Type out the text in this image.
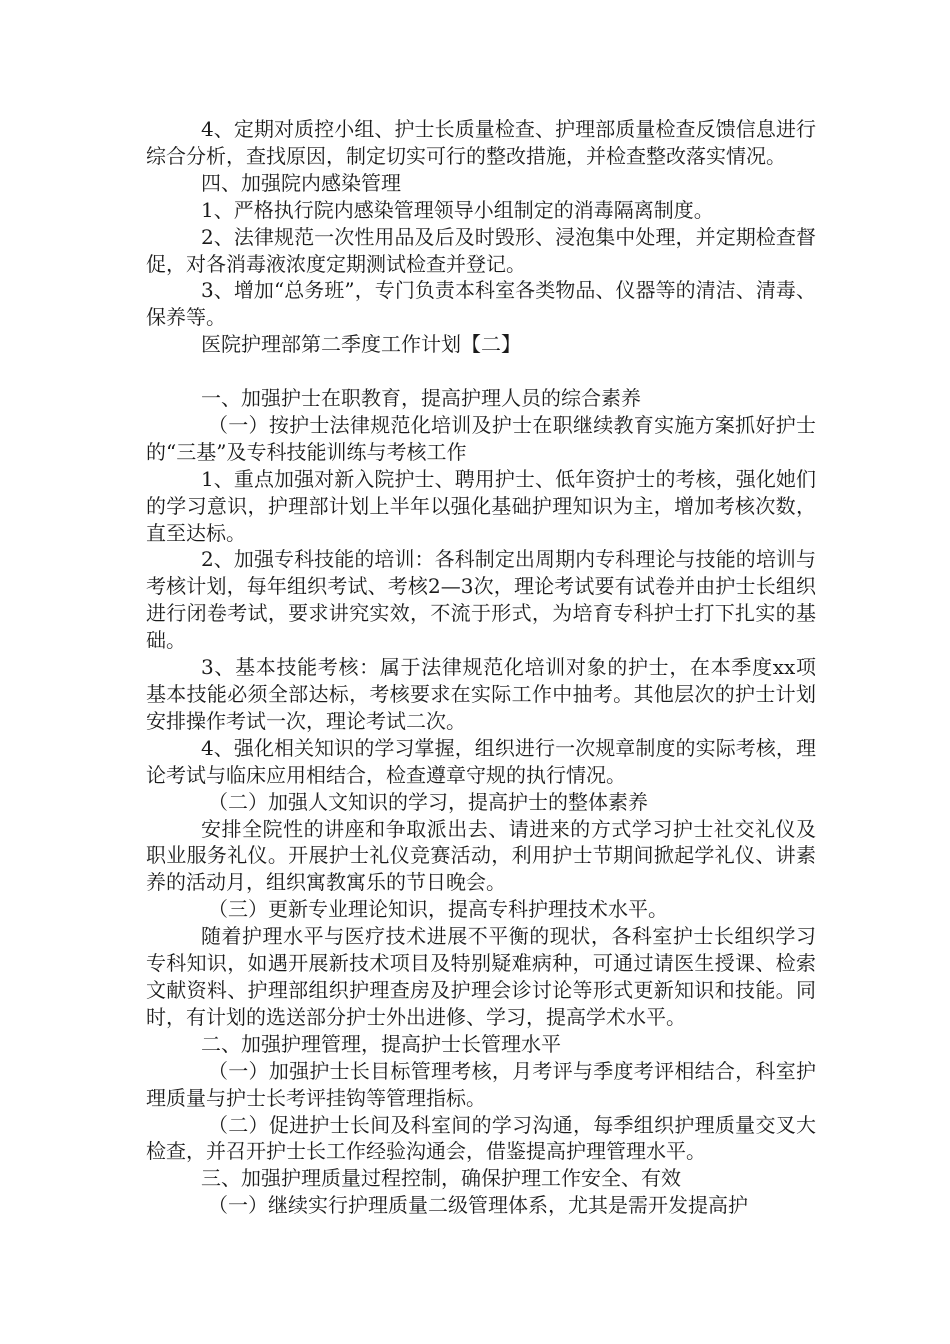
4、定期对质控小组、护士长质量检查、护理部质量检查反馈信息进行综合分析，查找原因，制定切实可行的整改措施，并检查整改落实情况。

四、加强院内感染管理

1、严格执行院内感染管理领导小组制定的消毒隔离制度。

2、法律规范一次性用品及后及时毁形、浸泡集中处理，并定期检查督促，对各消毒液浓度定期测试检查并登记。

3、增加“总务班”，专门负责本科室各类物品、仪器等的清洁、清毒、保养等。

医院护理部第二季度工作计划【二】

一、加强护士在职教育，提高护理人员的综合素养

（一）按护士法律规范化培训及护士在职继续教育实施方案抓好护士的“三基”及专科技能训练与考核工作

1、重点加强对新入院护士、聘用护士、低年资护士的考核，强化她们的学习意识，护理部计划上半年以强化基础护理知识为主，增加考核次数，直至达标。

2、加强专科技能的培训：各科制定出周期内专科理论与技能的培训与考核计划，每年组织考试、考核2—3次，理论考试要有试卷并由护士长组织进行闭卷考试，要求讲究实效，不流于形式，为培育专科护士打下扎实的基础。

3、基本技能考核：属于法律规范化培训对象的护士，在本季度xx项基本技能必须全部达标，考核要求在实际工作中抽考。其他层次的护士计划安排操作考试一次，理论考试二次。

4、强化相关知识的学习掌握，组织进行一次规章制度的实际考核，理论考试与临床应用相结合，检查遵章守规的执行情况。

（二）加强人文知识的学习，提高护士的整体素养

安排全院性的讲座和争取派出去、请进来的方式学习护士社交礼仪及职业服务礼仪。开展护士礼仪竞赛活动，利用护士节期间掀起学礼仪、讲素养的活动月，组织寓教寓乐的节日晚会。

（三）更新专业理论知识，提高专科护理技术水平。

随着护理水平与医疗技术进展不平衡的现状，各科室护士长组织学习专科知识，如遇开展新技术项目及特别疑难病种，可通过请医生授课、检索文献资料、护理部组织护理查房及护理会诊讨论等形式更新知识和技能。同时，有计划的选送部分护士外出进修、学习，提高学术水平。

二、加强护理管理，提高护士长管理水平

（一）加强护士长目标管理考核，月考评与季度考评相结合，科室护理质量与护士长考评挂钩等管理指标。

（二）促进护士长间及科室间的学习沟通，每季组织护理质量交叉大检查，并召开护士长工作经验沟通会，借鉴提高护理管理水平。

三、加强护理质量过程控制，确保护理工作安全、有效

（一）继续实行护理质量二级管理体系，尤其是需开发提高护
